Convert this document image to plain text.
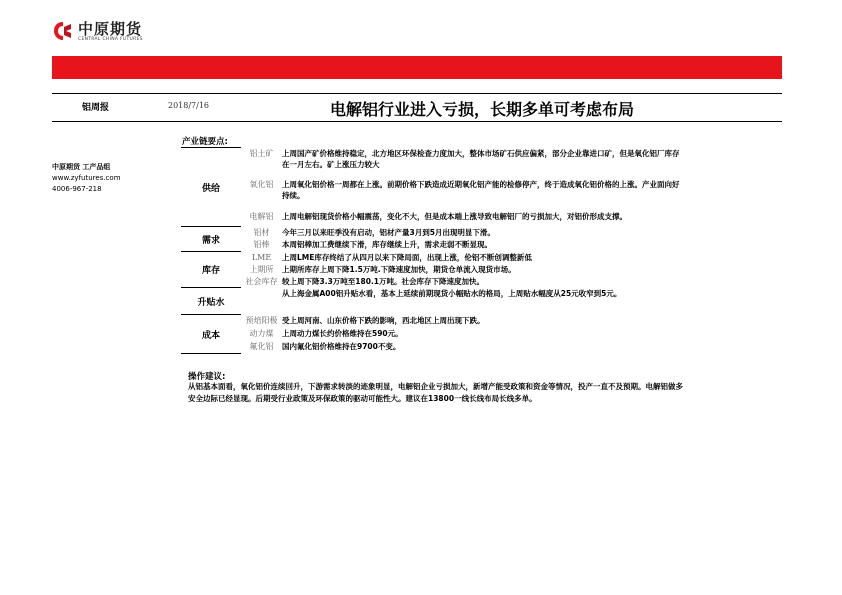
中原期货
CENTRAL CHINA FUTURES
铝周报	2018/7/16	电解铝行业进入亏损，长期多单可考虑布局
中原期货 工产品组
www.zyfutures.com
4006-967-218
产业链要点:
供给	铝土矿	上周国产矿价格维持稳定，北方地区环保检查力度加大，整体市场矿石供应偏紧，部分企业靠进口矿，但是氧化铝厂库存在一月左右。矿上涨压力较大
	氧化铝	上周氧化铝价格一周都在上涨。前期价格下跌造成近期氧化铝产能的检修停产，终于造成氧化铝价格的上涨。产业面向好持续。
	电解铝	上周电解铝现货价格小幅震荡，变化不大，但是成本端上涨导致电解铝厂的亏损加大，对铝价形成支撑。
需求	铝材	今年三月以来旺季没有启动，铝材产量3月到5月出现明显下滑。
	铝棒	本周铝棒加工费继续下滑，库存继续上升，需求走弱不断显现。
库存	LME	上周LME库存终结了从四月以来下降局面，出现上涨，伦铝不断创调整新低
	上期所	上期所库存上周下降1.5万吨.下降速度加快，期货仓单流入现货市场。
	社会库存	较上周下降3.3万吨至180.1万吨。社会库存下降速度加快。
升贴水		从上海金属A00铝升贴水看，基本上延续前期现货小幅贴水的格局，上周贴水幅度从25元收窄到5元。
成本	预焙阳极	受上周河南、山东价格下跌的影响，西北地区上周出现下跌。
	动力煤	上周动力煤长约价格维持在590元。
	氟化铝	国内氟化铝价格维持在9700不变。
操作建议:
从铝基本面看，氧化铝价连续回升，下游需求转淡的迹象明显，电解铝企业亏损加大，新增产能受政策和资金等情况，投产一直不及预期。电解铝做多安全边际已经显现。后期受行业政策及环保政策的驱动可能性大。建议在13800一线长线布局长线多单。
